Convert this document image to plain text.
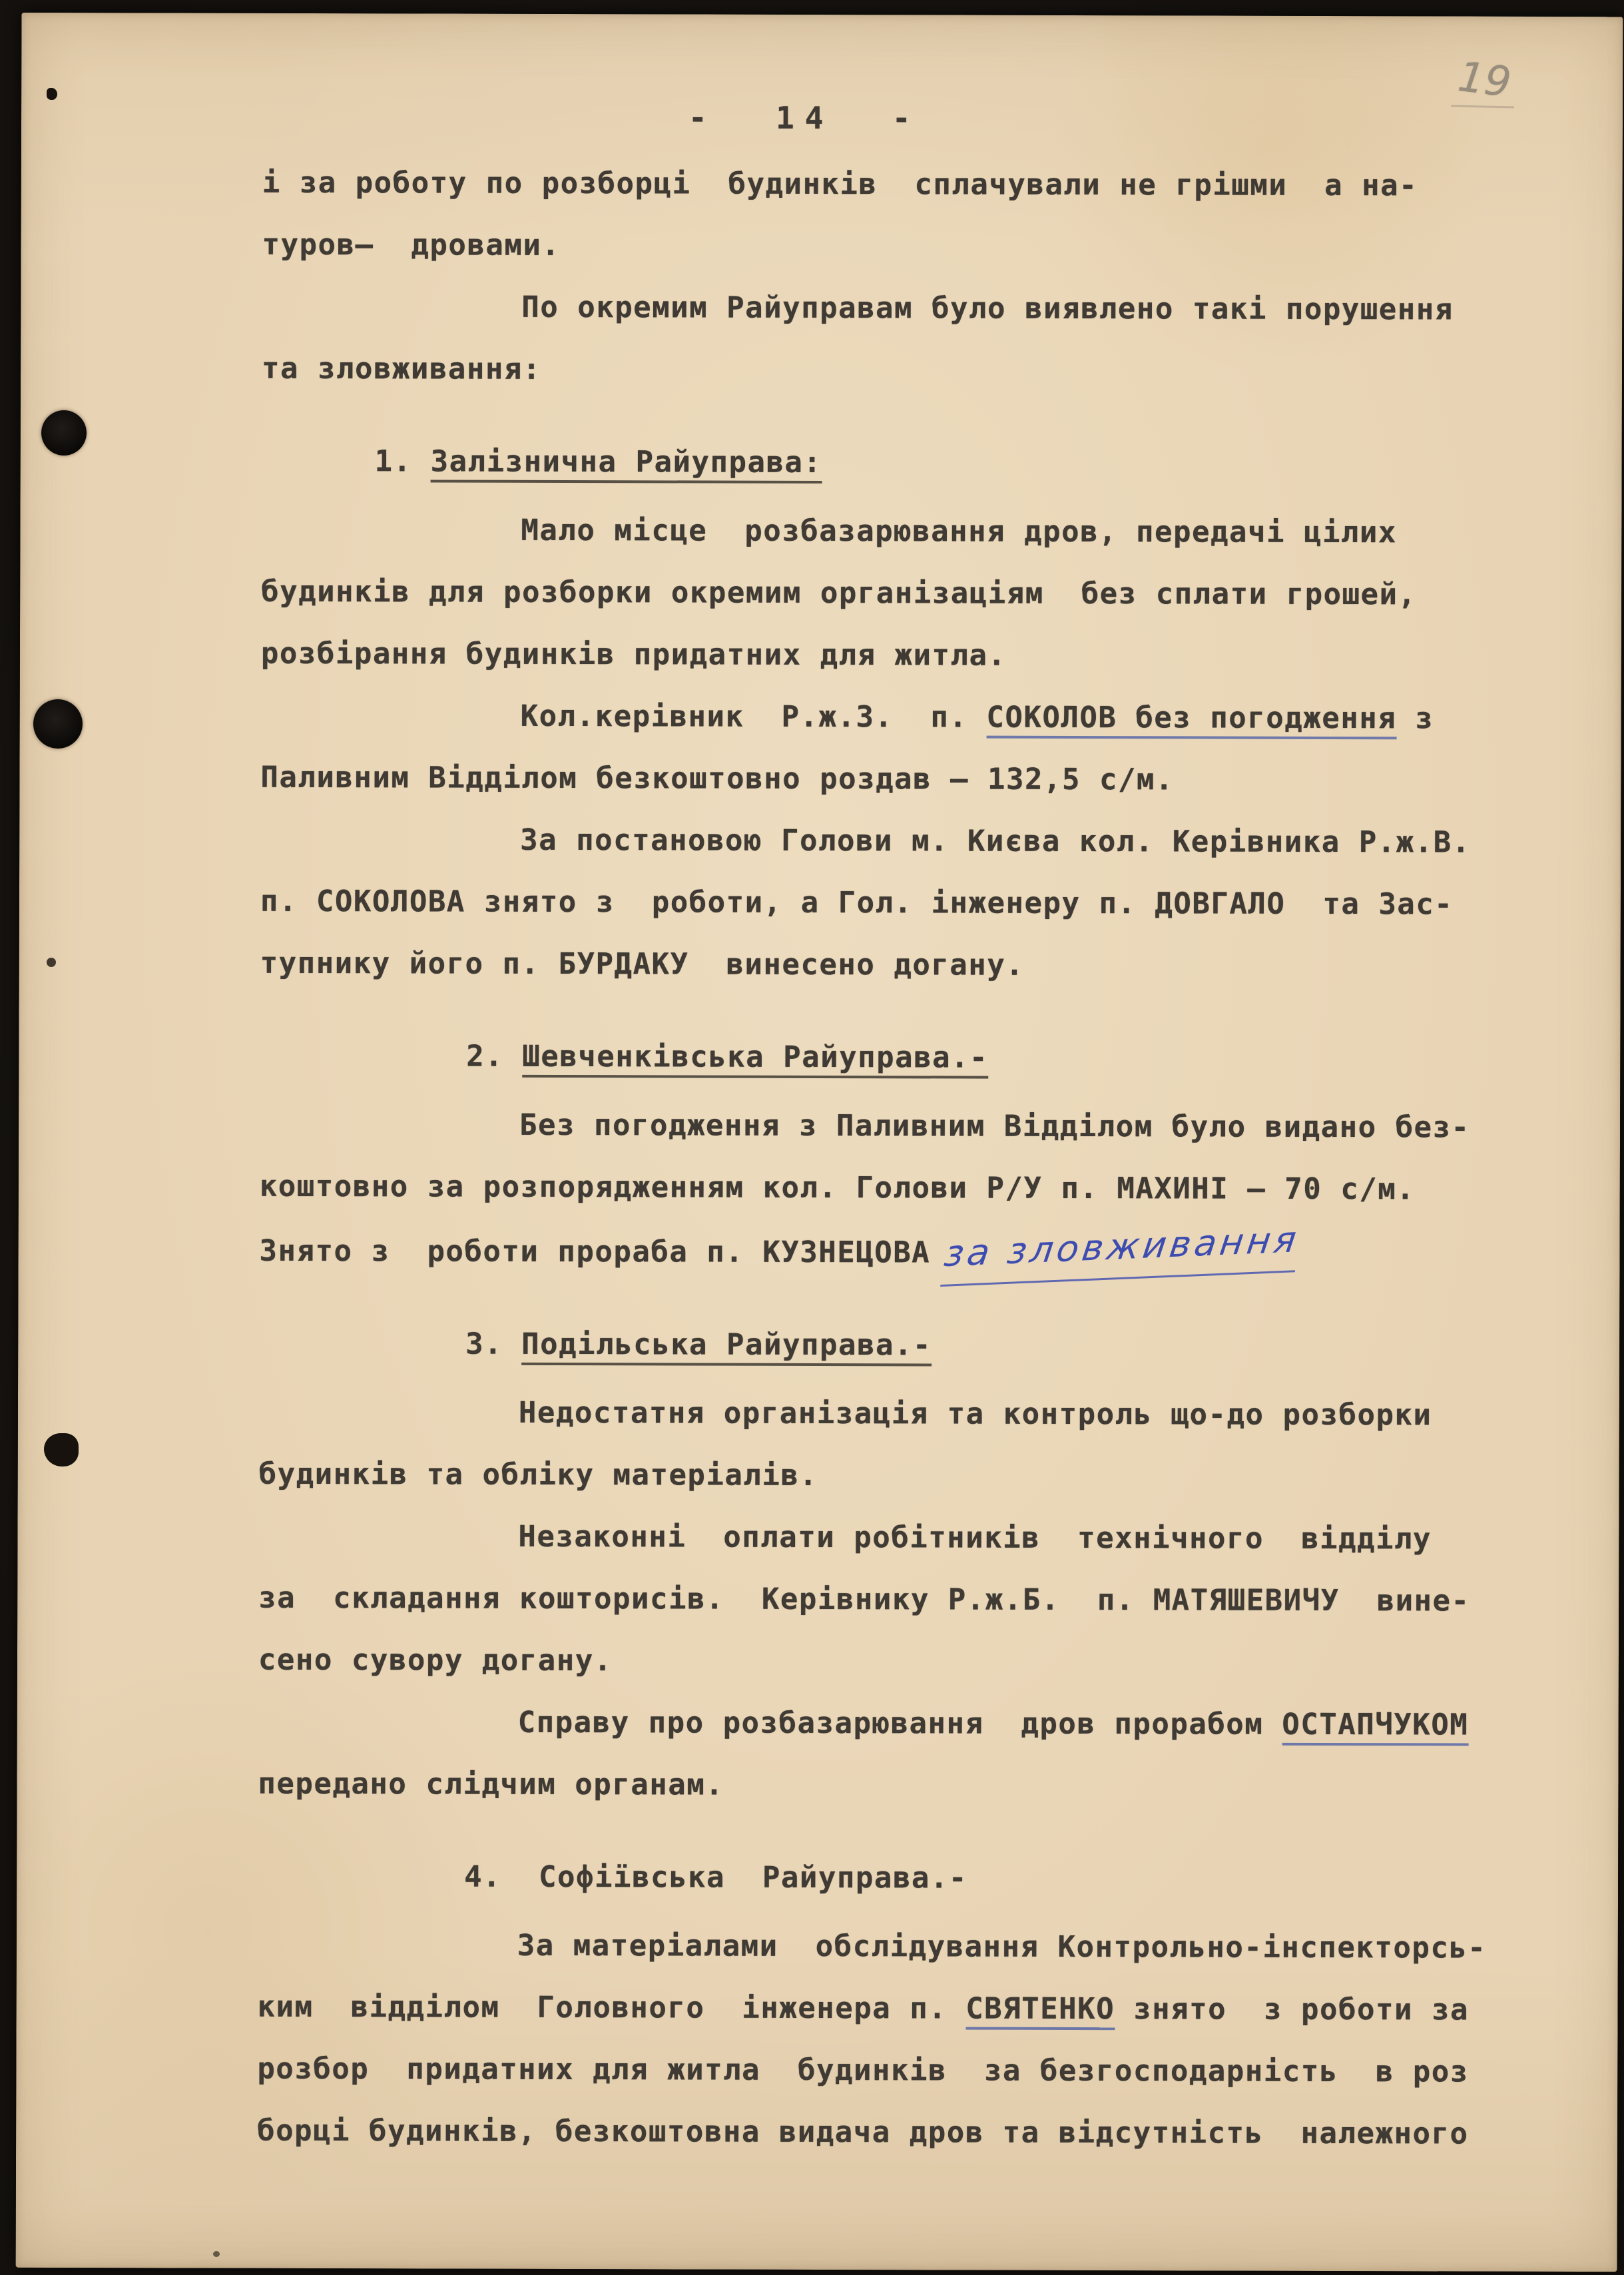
19
-  14  -
і за роботу по розборці  будинків  сплачували не грішми  а на-
туров—  дровами.
По окремим Райуправам було виявлено такі порушення
та зловживання:
1. Залізнична Райуправа:
Мало місце  розбазарювання дров, передачі цілих
будинків для розборки окремим організаціям  без сплати грошей,
розбірання будинків придатних для житла.
Кол.керівник  Р.ж.З.  п. СОКОЛОВ без погодження з
Паливним Відділом безкоштовно роздав — 132,5 с/м.
За постановою Голови м. Києва кол. Керівника Р.ж.В.
п. СОКОЛОВА знято з  роботи, а Гол. інженеру п. ДОВГАЛО  та Зас-
тупнику його п. БУРДАКУ  винесено догану.
2. Шевченківська Райуправа.-
Без погодження з Паливним Відділом було видано без-
коштовно за розпорядженням кол. Голови Р/У п. МАХИНІ — 70 с/м.
Знято з  роботи прораба п. КУЗНЕЦОВА за зловживання
3. Подільська Райуправа.-
Недостатня організація та контроль що-до розборки
будинків та обліку матеріалів.
Незаконні  оплати робітників  технічного  відділу
за  складання кошторисів.  Керівнику Р.ж.Б.  п. МАТЯШЕВИЧУ  вине-
сено сувору догану.
Справу про розбазарювання  дров прорабом ОСТАПЧУКОМ
передано слідчим органам.
4.  Софіївська  Райуправа.-
За матеріалами  обслідування Контрольно-інспекторсь-
ким  відділом  Головного  інженера п. СВЯТЕНКО знято  з роботи за
розбор  придатних для житла  будинків  за безгосподарність  в роз
борці будинків, безкоштовна видача дров та відсутність  належного
